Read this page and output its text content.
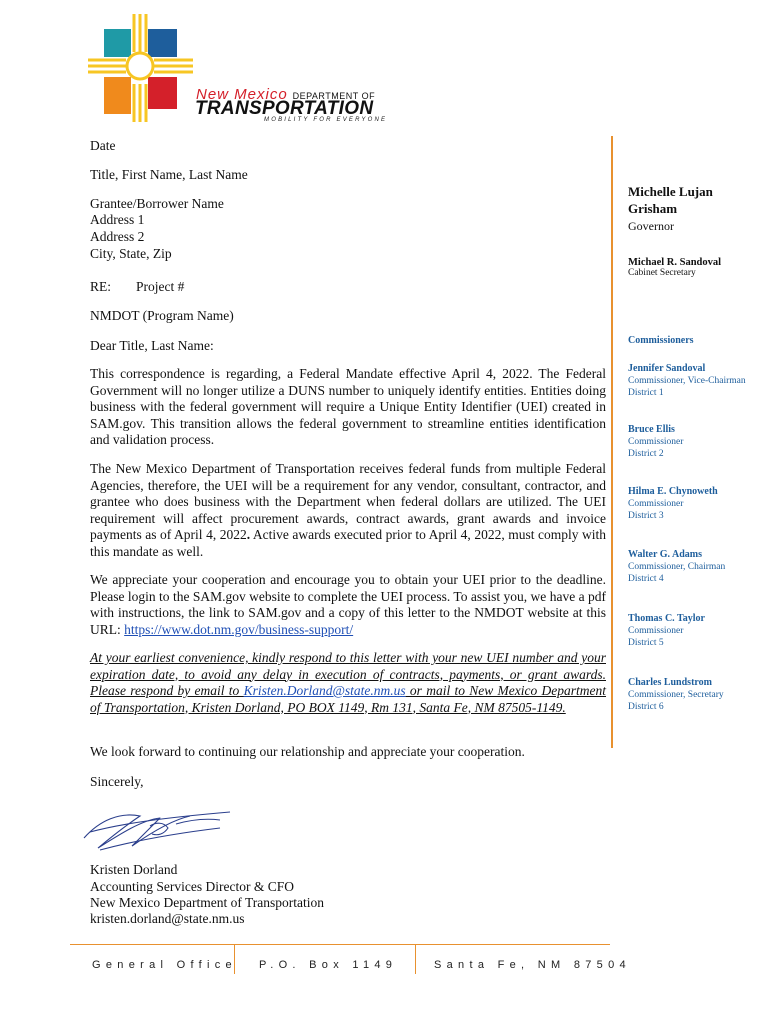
New Mexico DEPARTMENT OF
TRANSPORTATION
MOBILITY FOR EVERYONE
Date
Title, First Name, Last Name
Grantee/Borrower Name
Address 1
Address 2
City, State, Zip
RE: Project #
NMDOT (Program Name)
Dear Title, Last Name:
This correspondence is regarding, a Federal Mandate effective April 4, 2022. The Federal Government will no longer utilize a DUNS number to uniquely identify entities. Entities doing business with the federal government will require a Unique Entity Identifier (UEI) created in SAM.gov. This transition allows the federal government to streamline entities identification and validation process.
The New Mexico Department of Transportation receives federal funds from multiple Federal Agencies, therefore, the UEI will be a requirement for any vendor, consultant, contractor, and grantee who does business with the Department when federal dollars are utilized. The UEI requirement will affect procurement awards, contract awards, grant awards and invoice payments as of April 4, 2022. Active awards executed prior to April 4, 2022, must comply with this mandate as well.
We appreciate your cooperation and encourage you to obtain your UEI prior to the deadline. Please login to the SAM.gov website to complete the UEI process. To assist you, we have a pdf with instructions, the link to SAM.gov and a copy of this letter to the NMDOT website at this URL: https://www.dot.nm.gov/business-support/
At your earliest convenience, kindly respond to this letter with your new UEI number and your expiration date, to avoid any delay in execution of contracts, payments, or grant awards. Please respond by email to Kristen.Dorland@state.nm.us or mail to New Mexico Department of Transportation, Kristen Dorland, PO BOX 1149, Rm 131, Santa Fe, NM 87505-1149.
We look forward to continuing our relationship and appreciate your cooperation.
Sincerely,
Kristen Dorland
Accounting Services Director & CFO
New Mexico Department of Transportation
kristen.dorland@state.nm.us
Michelle Lujan Grisham
Governor
Michael R. Sandoval
Cabinet Secretary
Commissioners
Jennifer Sandoval
Commissioner, Vice-Chairman
District 1
Bruce Ellis
Commissioner
District 2
Hilma E. Chynoweth
Commissioner
District 3
Walter G. Adams
Commissioner, Chairman
District 4
Thomas C. Taylor
Commissioner
District 5
Charles Lundstrom
Commissioner, Secretary
District 6
General Office P.O. Box 1149	Santa Fe, NM 87504
